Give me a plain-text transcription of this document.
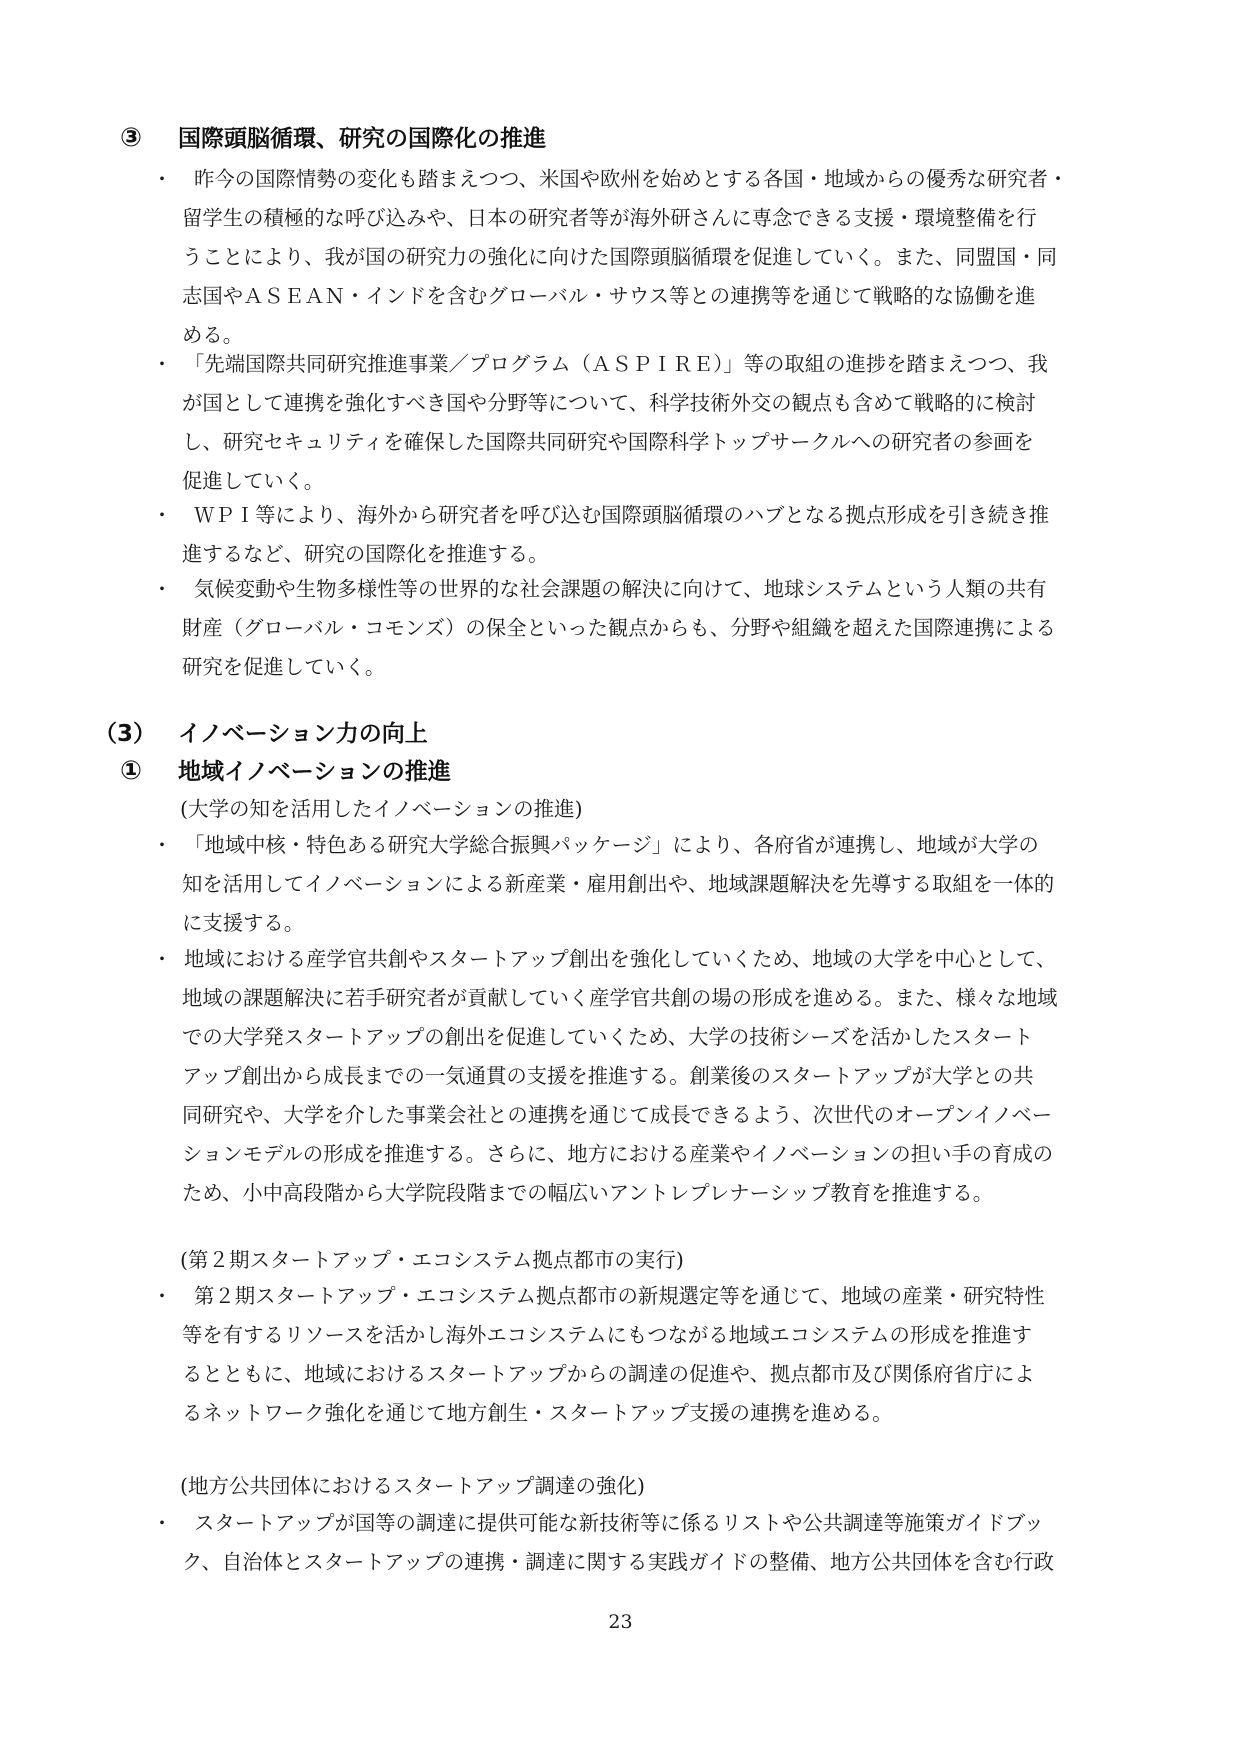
③ 国際頭脳循環、研究の国際化の推進
・	昨今の国際情勢の変化も踏まえつつ、米国や欧州を始めとする各国・地域からの優秀な研究者・
留学生の積極的な呼び込みや、日本の研究者等が海外研さんに専念できる支援・環境整備を行
うことにより、我が国の研究力の強化に向けた国際頭脳循環を促進していく。また、同盟国・同
志国やＡＳＥＡＮ・インドを含むグローバル・サウス等との連携等を通じて戦略的な協働を進
める。
・ 「先端国際共同研究推進事業／プログラム（ＡＳＰＩＲＥ）」等の取組の進捗を踏まえつつ、我
が国として連携を強化すべき国や分野等について、科学技術外交の観点も含めて戦略的に検討
し、研究セキュリティを確保した国際共同研究や国際科学トップサークルへの研究者の参画を
促進していく。
・	ＷＰＩ等により、海外から研究者を呼び込む国際頭脳循環のハブとなる拠点形成を引き続き推
進するなど、研究の国際化を推進する。
・	気候変動や生物多様性等の世界的な社会課題の解決に向けて、地球システムという人類の共有
財産（グローバル・コモンズ）の保全といった観点からも、分野や組織を超えた国際連携による
研究を促進していく。
（3） イノベーション力の向上
① 地域イノベーションの推進
(大学の知を活用したイノベーションの推進)
・ 「地域中核・特色ある研究大学総合振興パッケージ」により、各府省が連携し、地域が大学の
知を活用してイノベーションによる新産業・雇用創出や、地域課題解決を先導する取組を一体的
に支援する。
・ 地域における産学官共創やスタートアップ創出を強化していくため、地域の大学を中心として、
地域の課題解決に若手研究者が貢献していく産学官共創の場の形成を進める。また、様々な地域
での大学発スタートアップの創出を促進していくため、大学の技術シーズを活かしたスタート
アップ創出から成長までの一気通貫の支援を推進する。創業後のスタートアップが大学との共
同研究や、大学を介した事業会社との連携を通じて成長できるよう、次世代のオープンイノベー
ションモデルの形成を推進する。さらに、地方における産業やイノベーションの担い手の育成の
ため、小中高段階から大学院段階までの幅広いアントレプレナーシップ教育を推進する。
(第２期スタートアップ・エコシステム拠点都市の実行)
・	第２期スタートアップ・エコシステム拠点都市の新規選定等を通じて、地域の産業・研究特性
等を有するリソースを活かし海外エコシステムにもつながる地域エコシステムの形成を推進す
るとともに、地域におけるスタートアップからの調達の促進や、拠点都市及び関係府省庁によ
るネットワーク強化を通じて地方創生・スタートアップ支援の連携を進める。
(地方公共団体におけるスタートアップ調達の強化)
・	スタートアップが国等の調達に提供可能な新技術等に係るリストや公共調達等施策ガイドブッ
ク、自治体とスタートアップの連携・調達に関する実践ガイドの整備、地方公共団体を含む行政
23
